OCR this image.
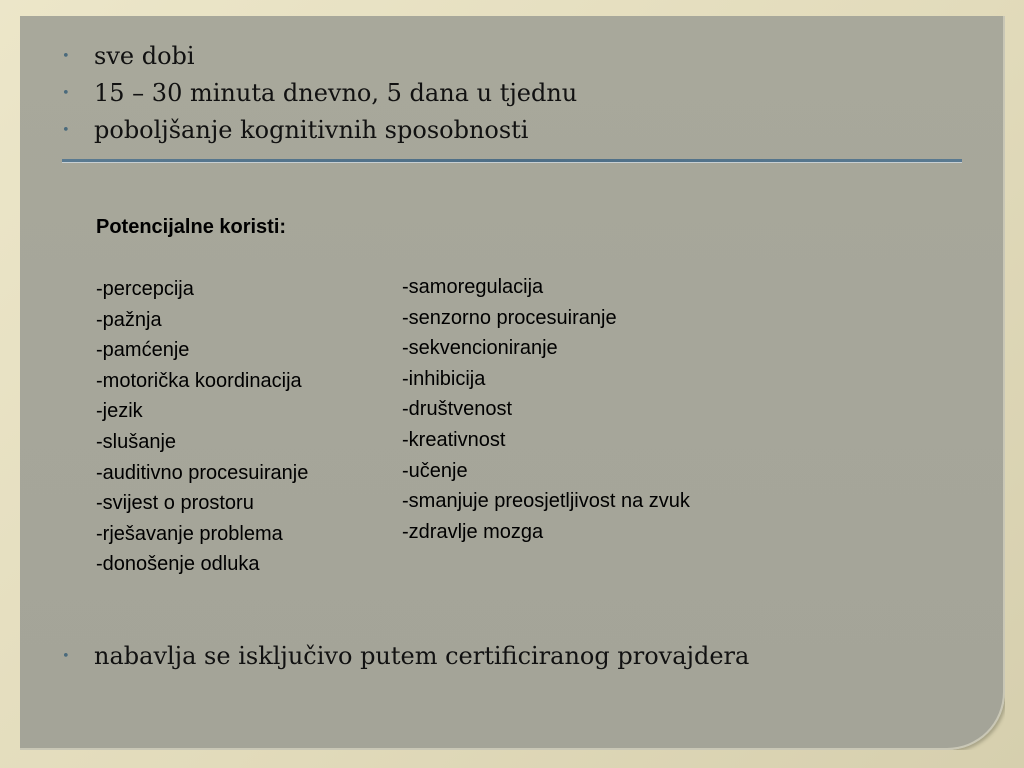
• sve dobi
• 15 – 30 minuta dnevno, 5 dana u tjednu
• poboljšanje kognitivnih sposobnosti
Potencijalne koristi:
-percepcija
-pažnja
-pamćenje
-motorička koordinacija
-jezik
-slušanje
-auditivno procesuiranje
-svijest o prostoru
-rješavanje problema
-donošenje odluka
-samoregulacija
-senzorno procesuiranje
-sekvencioniranje
-inhibicija
-društvenost
-kreativnost
-učenje
-smanjuje preosjetljivost na zvuk
-zdravlje mozga
• nabavlja se isključivo putem certificiranog provajdera
